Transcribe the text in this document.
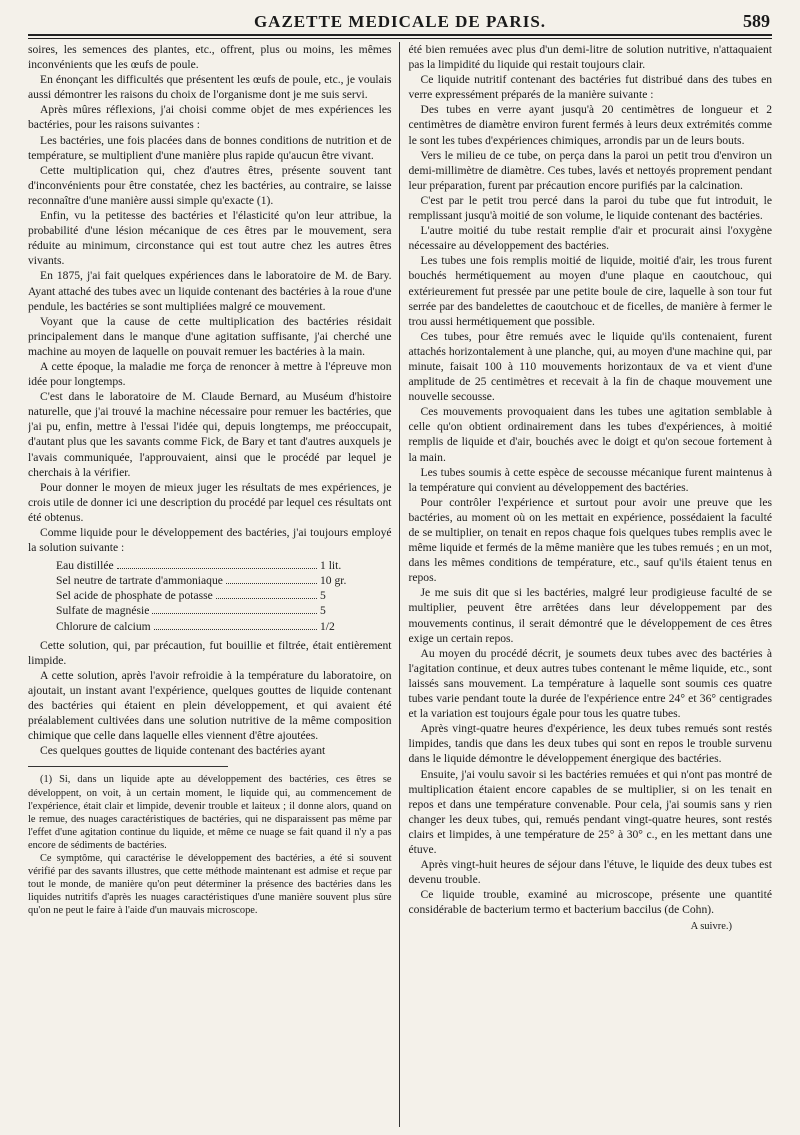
GAZETTE MEDICALE DE PARIS.	589

soires, les semences des plantes, etc., offrent, plus ou moins, les mêmes inconvénients que les œufs de poule.

En énonçant les difficultés que présentent les œufs de poule, etc., je voulais aussi démontrer les raisons du choix de l'organisme dont je me suis servi.

Après mûres réflexions, j'ai choisi comme objet de mes expériences les bactéries, pour les raisons suivantes :

Les bactéries, une fois placées dans de bonnes conditions de nutrition et de température, se multiplient d'une manière plus rapide qu'aucun être vivant.

Cette multiplication qui, chez d'autres êtres, présente souvent tant d'inconvénients pour être constatée, chez les bactéries, au contraire, se laisse reconnaître d'une manière aussi simple qu'exacte (1).

Enfin, vu la petitesse des bactéries et l'élasticité qu'on leur attribue, la probabilité d'une lésion mécanique de ces êtres par le mouvement, sera réduite au minimum, circonstance qui est tout autre chez les autres êtres vivants.

En 1875, j'ai fait quelques expériences dans le laboratoire de M. de Bary. Ayant attaché des tubes avec un liquide contenant des bactéries à la roue d'une pendule, les bactéries se sont multipliées malgré ce mouvement.

Voyant que la cause de cette multiplication des bactéries résidait principalement dans le manque d'une agitation suffisante, j'ai cherché une machine au moyen de laquelle on pouvait remuer les bactéries à la main.

A cette époque, la maladie me força de renoncer à mettre à l'épreuve mon idée pour longtemps.

C'est dans le laboratoire de M. Claude Bernard, au Muséum d'histoire naturelle, que j'ai trouvé la machine nécessaire pour remuer les bactéries, que j'ai pu, enfin, mettre à l'essai l'idée qui, depuis longtemps, me préoccupait, d'autant plus que les savants comme Fick, de Bary et tant d'autres auxquels je l'avais communiquée, l'approuvaient, ainsi que le procédé par lequel je cherchais à la vérifier.

Pour donner le moyen de mieux juger les résultats de mes expériences, je crois utile de donner ici une description du procédé par lequel ces résultats ont été obtenus.

Comme liquide pour le développement des bactéries, j'ai toujours employé la solution suivante :

Eau distillée	1 lit.
Sel neutre de tartrate d'ammoniaque	10 gr.
Sel acide de phosphate de potasse	5
Sulfate de magnésie	5
Chlorure de calcium	1/2

Cette solution, qui, par précaution, fut bouillie et filtrée, était entièrement limpide.

A cette solution, après l'avoir refroidie à la température du laboratoire, on ajoutait, un instant avant l'expérience, quelques gouttes de liquide contenant des bactéries qui étaient en plein développement, et qui avaient été préalablement cultivées dans une solution nutritive de la même composition chimique que celle dans laquelle elles viennent d'être ajoutées.

Ces quelques gouttes de liquide contenant des bactéries ayant

(1) Si, dans un liquide apte au développement des bactéries, ces êtres se développent, on voit, à un certain moment, le liquide qui, au commencement de l'expérience, était clair et limpide, devenir trouble et laiteux ; il donne alors, quand on le remue, des nuages caractéristiques de bactéries, qui ne disparaissent pas même par l'effet d'une agitation continue du liquide, et même ce nuage se fait quand il n'y a pas encore de sédiments de bactéries.

Ce symptôme, qui caractérise le développement des bactéries, a été si souvent vérifié par des savants illustres, que cette méthode maintenant est admise et reçue par tout le monde, de manière qu'on peut déterminer la présence des bactéries dans les liquides nutritifs d'après les nuages caractéristiques d'une manière souvent plus sûre qu'on ne peut le faire à l'aide d'un mauvais microscope.

été bien remuées avec plus d'un demi-litre de solution nutritive, n'attaquaient pas la limpidité du liquide qui restait toujours clair.

Ce liquide nutritif contenant des bactéries fut distribué dans des tubes en verre expressément préparés de la manière suivante :

Des tubes en verre ayant jusqu'à 20 centimètres de longueur et 2 centimètres de diamètre environ furent fermés à leurs deux extrémités comme le sont les tubes d'expériences chimiques, arrondis par un de leurs bouts.

Vers le milieu de ce tube, on perça dans la paroi un petit trou d'environ un demi-millimètre de diamètre. Ces tubes, lavés et nettoyés proprement pendant leur préparation, furent par précaution encore purifiés par la calcination.

C'est par le petit trou percé dans la paroi du tube que fut introduit, le remplissant jusqu'à moitié de son volume, le liquide contenant des bactéries.

L'autre moitié du tube restait remplie d'air et procurait ainsi l'oxygène nécessaire au développement des bactéries.

Les tubes une fois remplis moitié de liquide, moitié d'air, les trous furent bouchés hermétiquement au moyen d'une plaque en caoutchouc, qui extérieurement fut pressée par une petite boule de cire, laquelle à son tour fut serrée par des bandelettes de caoutchouc et de ficelles, de manière à fermer le trou aussi hermétiquement que possible.

Ces tubes, pour être remués avec le liquide qu'ils contenaient, furent attachés horizontalement à une planche, qui, au moyen d'une machine qui, par minute, faisait 100 à 110 mouvements horizontaux de va et vient d'une amplitude de 25 centimètres et recevait à la fin de chaque mouvement une nouvelle secousse.

Ces mouvements provoquaient dans les tubes une agitation semblable à celle qu'on obtient ordinairement dans les tubes d'expériences, à moitié remplis de liquide et d'air, bouchés avec le doigt et qu'on secoue fortement à la main.

Les tubes soumis à cette espèce de secousse mécanique furent maintenus à la température qui convient au développement des bactéries.

Pour contrôler l'expérience et surtout pour avoir une preuve que les bactéries, au moment où on les mettait en expérience, possédaient la faculté de se multiplier, on tenait en repos chaque fois quelques tubes remplis avec le même liquide et fermés de la même manière que les tubes remués ; en un mot, dans les mêmes conditions de température, etc., sauf qu'ils étaient tenus en repos.

Je me suis dit que si les bactéries, malgré leur prodigieuse faculté de se multiplier, peuvent être arrêtées dans leur développement par des mouvements continus, il serait démontré que le développement de ces êtres exige un certain repos.

Au moyen du procédé décrit, je soumets deux tubes avec des bactéries à l'agitation continue, et deux autres tubes contenant le même liquide, etc., sont laissés sans mouvement. La température à laquelle sont soumis ces quatre tubes varie pendant toute la durée de l'expérience entre 24° et 36° centigrades et la variation est toujours égale pour tous les quatre tubes.

Après vingt-quatre heures d'expérience, les deux tubes remués sont restés limpides, tandis que dans les deux tubes qui sont en repos le trouble survenu dans le liquide démontre le développement énergique des bactéries.

Ensuite, j'ai voulu savoir si les bactéries remuées et qui n'ont pas montré de multiplication étaient encore capables de se multiplier, si on les tenait en repos et dans une température convenable. Pour cela, j'ai soumis sans y rien changer les deux tubes, qui, remués pendant vingt-quatre heures, sont restés clairs et limpides, à une température de 25° à 30° c., en les mettant dans une étuve.

Après vingt-huit heures de séjour dans l'étuve, le liquide des deux tubes est devenu trouble.

Ce liquide trouble, examiné au microscope, présente une quantité considérable de bacterium termo et bacterium baccilus (de Cohn).

A suivre.)
